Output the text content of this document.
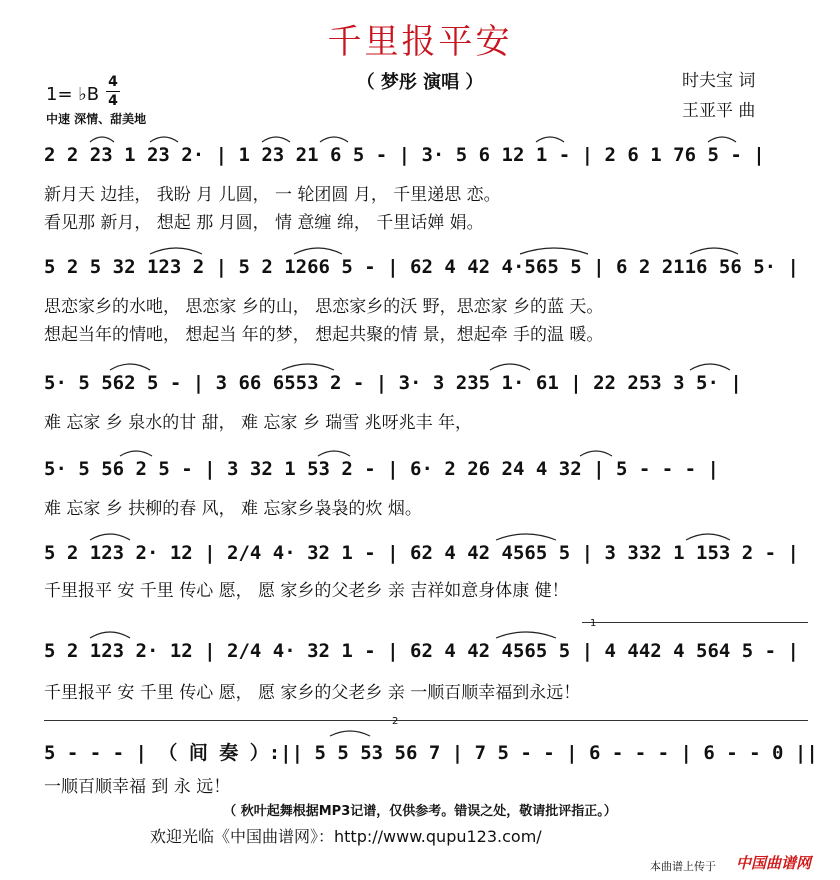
千里报平安
（ 梦彤 演唱 ）	时夫宝 词
王亚平 曲
1= ♭B
4
4
中速 深情、甜美地
2 2 23 1 23 2· | 1 23 21 6 5 - | 3· 5 6 12 1 - | 2 6 1 76 5 - |
新月天 边挂， 我盼 月 儿圆， 一 轮团圆 月， 千里递思 恋。
看见那 新月， 想起 那 月圆， 情 意缠 绵， 千里话婵 娟。
5 2 5 32 123 2 | 5 2 1266 5 - | 62 4 42 4·565 5 | 6 2 2116 56 5· |
思恋家乡的水吔， 思恋家 乡的山， 思恋家乡的沃 野，思恋家 乡的蓝 天。
想起当年的情吔， 想起当 年的梦， 想起共聚的情 景，想起牵 手的温 暖。
5· 5 562 5 - | 3 66 6553 2 - | 3· 3 235 1· 61 | 22 253 3 5· |
难 忘家 乡 泉水的甘 甜， 难 忘家 乡 瑞雪 兆呀兆丰 年，
5· 5 56 2 5 - | 3 32 1 53 2 - | 6· 2 26 24 4 32 | 5 - - - |
难 忘家 乡 扶柳的春 风， 难 忘家乡袅袅的炊 烟。
5 2 123 2· 12 | 2/4 4· 32 1 - | 62 4 42 4565 5 | 3 332 1 153 2 - |
千里报平 安 千里 传心 愿， 愿 家乡的父老乡 亲 吉祥如意身体康 健！
1
5 2 123 2· 12 | 2/4 4· 32 1 - | 62 4 42 4565 5 | 4 442 4 564 5 - |
千里报平 安 千里 传心 愿， 愿 家乡的父老乡 亲 一顺百顺幸福到永远！
2
5 - - - | （ 间 奏 ）:|| 5 5 53 56 7 | 7 5 - - | 6 - - - | 6 - - 0 ||
一顺百顺幸福 到 永 远！
（ 秋叶起舞根据MP3记谱，仅供参考。错误之处，敬请批评指正。）
欢迎光临《中国曲谱网》：http://www.qupu123.com/
本曲谱上传于 中国曲谱网
